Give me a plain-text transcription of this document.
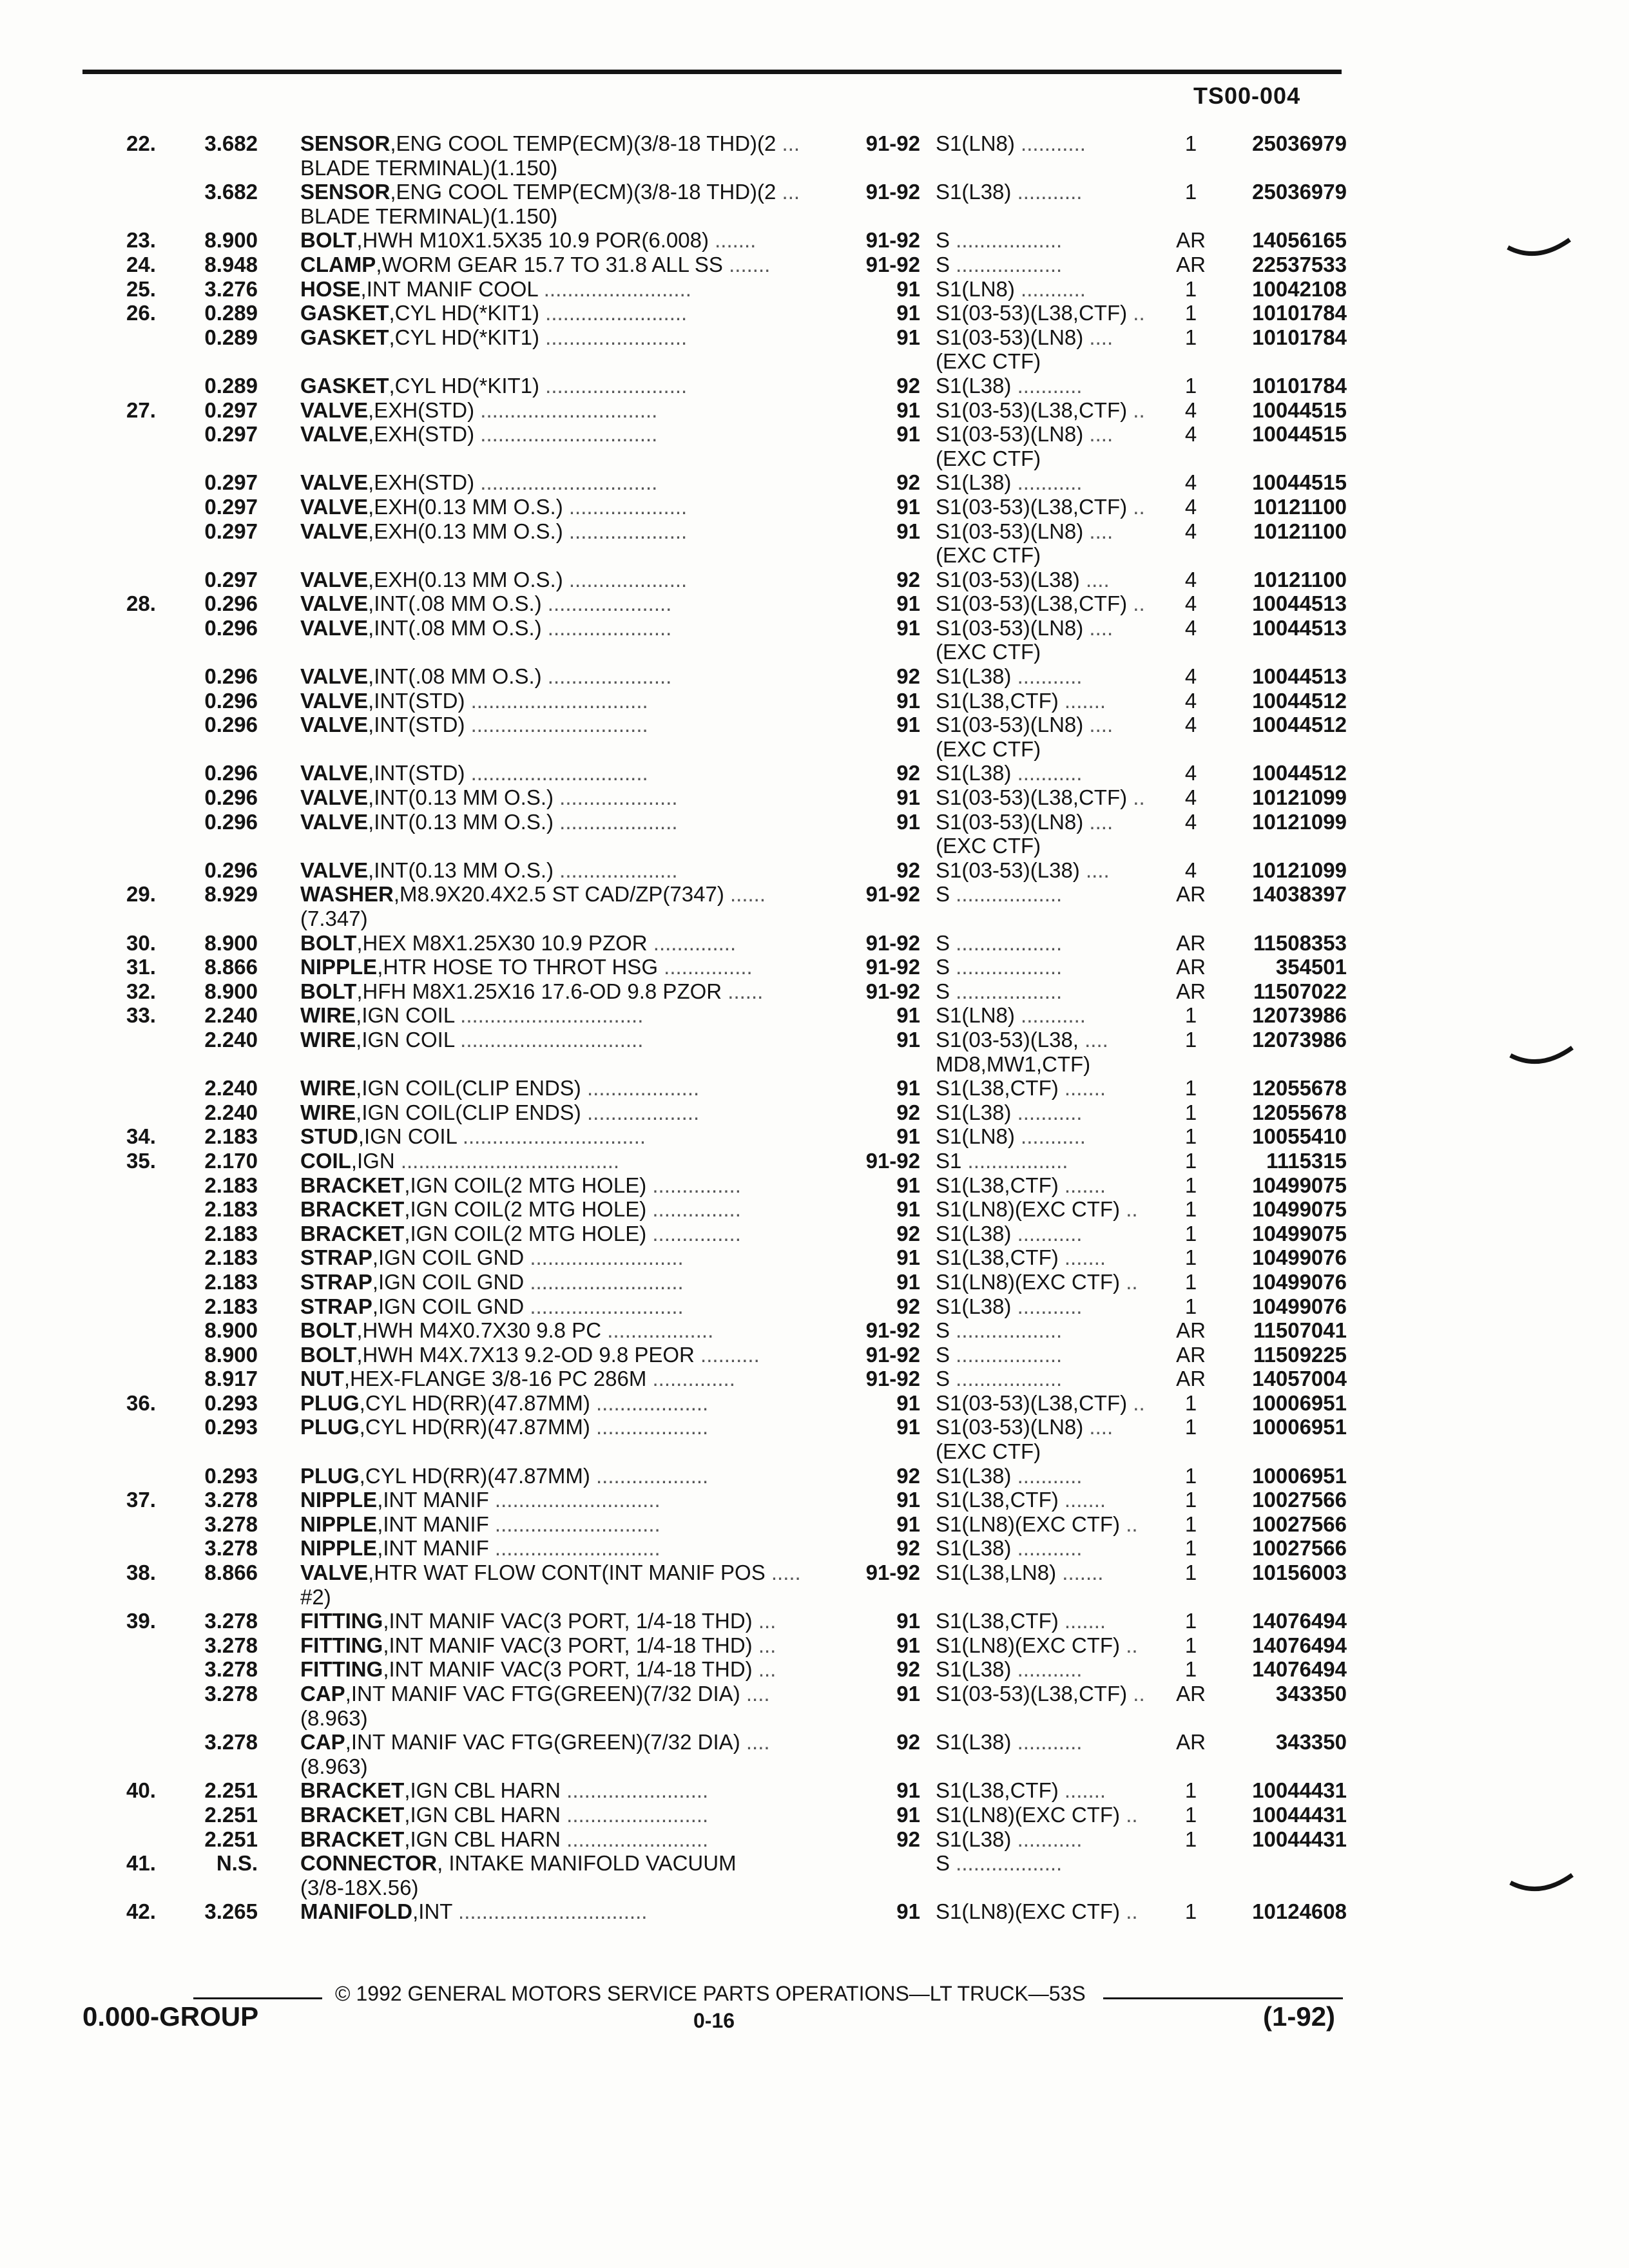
TS00-004
22.	3.682 SENSOR,ENG COOL TEMP(ECM)(3/8-18 THD)(2 ...	91-92 S1(LN8) ...........	1	25036979
BLADE TERMINAL)(1.150)
3.682 SENSOR,ENG COOL TEMP(ECM)(3/8-18 THD)(2 ...	91-92 S1(L38) ...........	1	25036979
BLADE TERMINAL)(1.150)
23.	8.900 BOLT,HWH M10X1.5X35 10.9 POR(6.008) .......	91-92 S ..................	AR	14056165
24.	8.948 CLAMP,WORM GEAR 15.7 TO 31.8 ALL SS .......	91-92 S ..................	AR	22537533
25.	3.276 HOSE,INT MANIF COOL .........................	91 S1(LN8) ...........	1	10042108
26.	0.289 GASKET,CYL HD(*KIT1) ........................	91 S1(03-53)(L38,CTF) ..	1	10101784
0.289 GASKET,CYL HD(*KIT1) ........................	91 S1(03-53)(LN8) ....	1	10101784
(EXC CTF)
0.289 GASKET,CYL HD(*KIT1) ........................	92 S1(L38) ...........	1	10101784
27.	0.297 VALVE,EXH(STD) ..............................	91 S1(03-53)(L38,CTF) ..	4	10044515
0.297 VALVE,EXH(STD) ..............................	91 S1(03-53)(LN8) ....	4	10044515
(EXC CTF)
0.297 VALVE,EXH(STD) ..............................	92 S1(L38) ...........	4	10044515
0.297 VALVE,EXH(0.13 MM O.S.) ....................	91 S1(03-53)(L38,CTF) ..	4	10121100
0.297 VALVE,EXH(0.13 MM O.S.) ....................	91 S1(03-53)(LN8) ....	4	10121100
(EXC CTF)
0.297 VALVE,EXH(0.13 MM O.S.) ....................	92 S1(03-53)(L38) ....	4	10121100
28.	0.296 VALVE,INT(.08 MM O.S.) .....................	91 S1(03-53)(L38,CTF) ..	4	10044513
0.296 VALVE,INT(.08 MM O.S.) .....................	91 S1(03-53)(LN8) ....	4	10044513
(EXC CTF)
0.296 VALVE,INT(.08 MM O.S.) .....................	92 S1(L38) ...........	4	10044513
0.296 VALVE,INT(STD) ..............................	91 S1(L38,CTF) .......	4	10044512
0.296 VALVE,INT(STD) ..............................	91 S1(03-53)(LN8) ....	4	10044512
(EXC CTF)
0.296 VALVE,INT(STD) ..............................	92 S1(L38) ...........	4	10044512
0.296 VALVE,INT(0.13 MM O.S.) ....................	91 S1(03-53)(L38,CTF) ..	4	10121099
0.296 VALVE,INT(0.13 MM O.S.) ....................	91 S1(03-53)(LN8) ....	4	10121099
(EXC CTF)
0.296 VALVE,INT(0.13 MM O.S.) ....................	92 S1(03-53)(L38) ....	4	10121099
29.	8.929 WASHER,M8.9X20.4X2.5 ST CAD/ZP(7347) ......	91-92 S ..................	AR	14038397
(7.347)
30.	8.900 BOLT,HEX M8X1.25X30 10.9 PZOR ..............	91-92 S ..................	AR	11508353
31.	8.866 NIPPLE,HTR HOSE TO THROT HSG ...............	91-92 S ..................	AR	354501
32.	8.900 BOLT,HFH M8X1.25X16 17.6-OD 9.8 PZOR ......	91-92 S ..................	AR	11507022
33.	2.240 WIRE,IGN COIL ...............................	91 S1(LN8) ...........	1	12073986
2.240 WIRE,IGN COIL ...............................	91 S1(03-53)(L38, ....	1	12073986
MD8,MW1,CTF)
2.240 WIRE,IGN COIL(CLIP ENDS) ...................	91 S1(L38,CTF) .......	1	12055678
2.240 WIRE,IGN COIL(CLIP ENDS) ...................	92 S1(L38) ...........	1	12055678
34.	2.183 STUD,IGN COIL ...............................	91 S1(LN8) ...........	1	10055410
35.	2.170 COIL,IGN .....................................	91-92 S1 .................	1	1115315
2.183 BRACKET,IGN COIL(2 MTG HOLE) ...............	91 S1(L38,CTF) .......	1	10499075
2.183 BRACKET,IGN COIL(2 MTG HOLE) ...............	91 S1(LN8)(EXC CTF) ..	1	10499075
2.183 BRACKET,IGN COIL(2 MTG HOLE) ...............	92 S1(L38) ...........	1	10499075
2.183 STRAP,IGN COIL GND ..........................	91 S1(L38,CTF) .......	1	10499076
2.183 STRAP,IGN COIL GND ..........................	91 S1(LN8)(EXC CTF) ..	1	10499076
2.183 STRAP,IGN COIL GND ..........................	92 S1(L38) ...........	1	10499076
8.900 BOLT,HWH M4X0.7X30 9.8 PC ..................	91-92 S ..................	AR	11507041
8.900 BOLT,HWH M4X.7X13 9.2-OD 9.8 PEOR ..........	91-92 S ..................	AR	11509225
8.917 NUT,HEX-FLANGE 3/8-16 PC 286M ..............	91-92 S ..................	AR	14057004
36.	0.293 PLUG,CYL HD(RR)(47.87MM) ...................	91 S1(03-53)(L38,CTF) ..	1	10006951
0.293 PLUG,CYL HD(RR)(47.87MM) ...................	91 S1(03-53)(LN8) ....	1	10006951
(EXC CTF)
0.293 PLUG,CYL HD(RR)(47.87MM) ...................	92 S1(L38) ...........	1	10006951
37.	3.278 NIPPLE,INT MANIF ............................	91 S1(L38,CTF) .......	1	10027566
3.278 NIPPLE,INT MANIF ............................	91 S1(LN8)(EXC CTF) ..	1	10027566
3.278 NIPPLE,INT MANIF ............................	92 S1(L38) ...........	1	10027566
38.	8.866 VALVE,HTR WAT FLOW CONT(INT MANIF POS .....	91-92 S1(L38,LN8) .......	1	10156003
#2)
39.	3.278 FITTING,INT MANIF VAC(3 PORT, 1/4-18 THD) ...	91 S1(L38,CTF) .......	1	14076494
3.278 FITTING,INT MANIF VAC(3 PORT, 1/4-18 THD) ...	91 S1(LN8)(EXC CTF) ..	1	14076494
3.278 FITTING,INT MANIF VAC(3 PORT, 1/4-18 THD) ...	92 S1(L38) ...........	1	14076494
3.278 CAP,INT MANIF VAC FTG(GREEN)(7/32 DIA) ....	91 S1(03-53)(L38,CTF) ..	AR	343350
(8.963)
3.278 CAP,INT MANIF VAC FTG(GREEN)(7/32 DIA) ....	92 S1(L38) ...........	AR	343350
(8.963)
40.	2.251 BRACKET,IGN CBL HARN ........................	91 S1(L38,CTF) .......	1	10044431
2.251 BRACKET,IGN CBL HARN ........................	91 S1(LN8)(EXC CTF) ..	1	10044431
2.251 BRACKET,IGN CBL HARN ........................	92 S1(L38) ...........	1	10044431
41.	N.S. CONNECTOR, INTAKE MANIFOLD VACUUM	S ..................
(3/8-18X.56)
42.	3.265 MANIFOLD,INT ................................	91 S1(LN8)(EXC CTF) ..	1	10124608
© 1992 GENERAL MOTORS SERVICE PARTS OPERATIONS—LT TRUCK—53S
0.000-GROUP	0-16	(1-92)
